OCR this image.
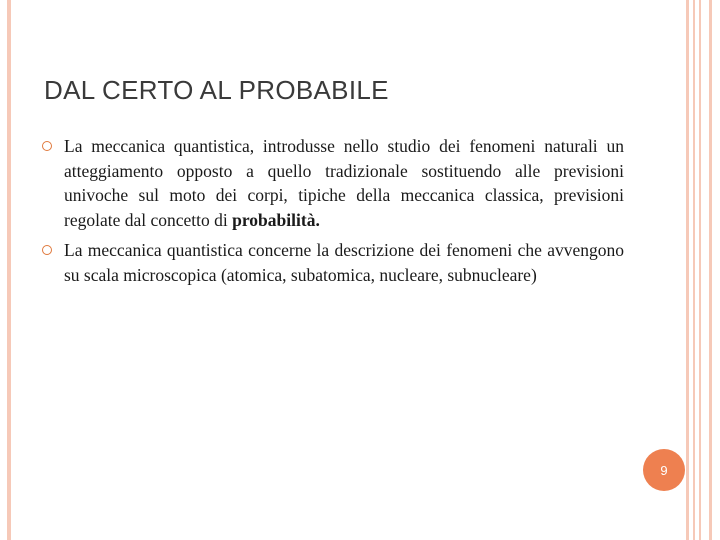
DAL CERTO AL PROBABILE
La meccanica quantistica, introdusse nello studio dei fenomeni naturali un atteggiamento opposto a quello tradizionale sostituendo alle previsioni univoche sul moto dei corpi, tipiche della meccanica classica, previsioni regolate dal concetto di probabilità.
La meccanica quantistica concerne la descrizione dei fenomeni che avvengono su scala microscopica (atomica, subatomica, nucleare, subnucleare)
9
